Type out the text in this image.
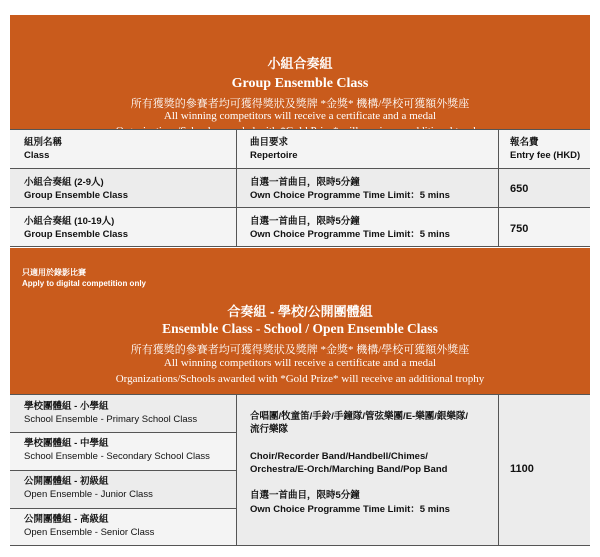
小組合奏組
Group Ensemble Class
所有獲獎的參賽者均可獲得獎狀及獎牌 *金獎* 機構/學校可獲額外獎座
All winning competitors will receive a certificate and a medal
組別名稱
Class
曲目要求
Repertoire
報名費
Entry fee (HKD)
小組合奏組 (2-9人)
Group Ensemble Class
自選一首曲目，限時5分鐘
Own Choice Programme Time Limit：5 mins
650
小組合奏組 (10-19人)
Group Ensemble Class
自選一首曲目，限時5分鐘
Own Choice Programme Time Limit：5 mins	750
只適用於錄影比賽
Apply to digital competition only
合奏組 - 學校/公開團體組
Ensemble Class - School / Open Ensemble Class
所有獲獎的參賽者均可獲得獎狀及獎牌 *金獎* 機構/學校可獲額外獎座
All winning competitors will receive a certificate and a medal
Organizations/Schools awarded with *Gold Prize* will receive an additional trophy
學校團體組 - 小學組
School Ensemble - Primary School Class
學校團體組 - 中學組
School Ensemble - Secondary School Class
公開團體組 - 初級組
Open Ensemble - Junior Class
公開團體組 - 高級組
Open Ensemble - Senior Class
合唱團/牧童笛/手鈴/手鐘隊/管弦樂團/E-樂團/銀樂隊/
流行樂隊
Choir/Recorder Band/Handbell/Chimes/
Orchestra/E-Orch/Marching Band/Pop Band
自選一首曲目，限時5分鐘
Own Choice Programme Time Limit：5 mins
1100
